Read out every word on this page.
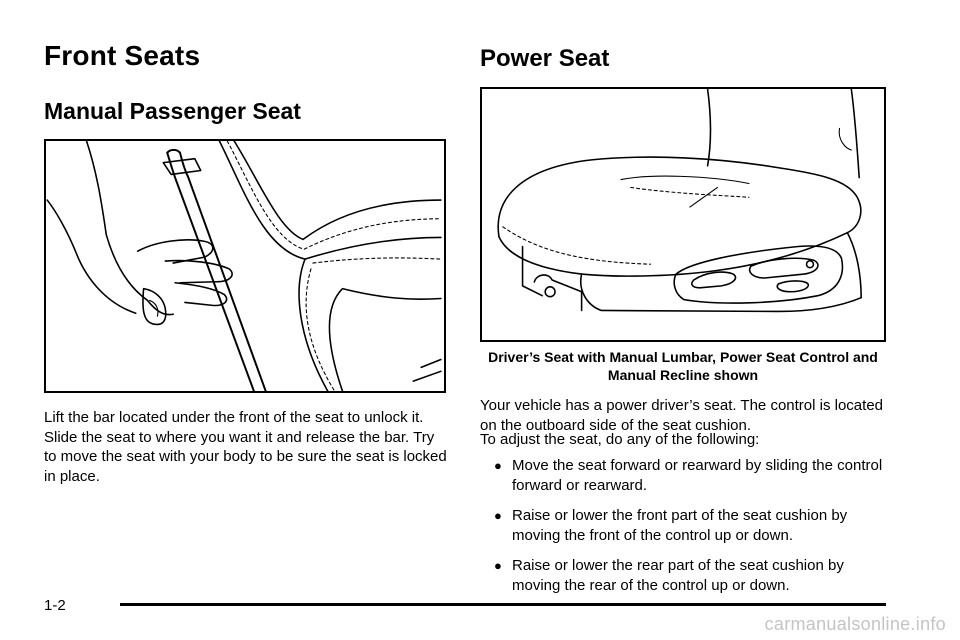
Front Seats
Manual Passenger Seat

Lift the bar located under the front of the seat to unlock it. Slide the seat to where you want it and release the bar. Try to move the seat with your body to be sure the seat is locked in place.

Power Seat
Driver’s Seat with Manual Lumbar, Power Seat Control and Manual Recline shown

Your vehicle has a power driver’s seat. The control is located on the outboard side of the seat cushion.

To adjust the seat, do any of the following:

● Move the seat forward or rearward by sliding the control forward or rearward.
● Raise or lower the front part of the seat cushion by moving the front of the control up or down.
● Raise or lower the rear part of the seat cushion by moving the rear of the control up or down.
1-2
carmanualsonline.info
